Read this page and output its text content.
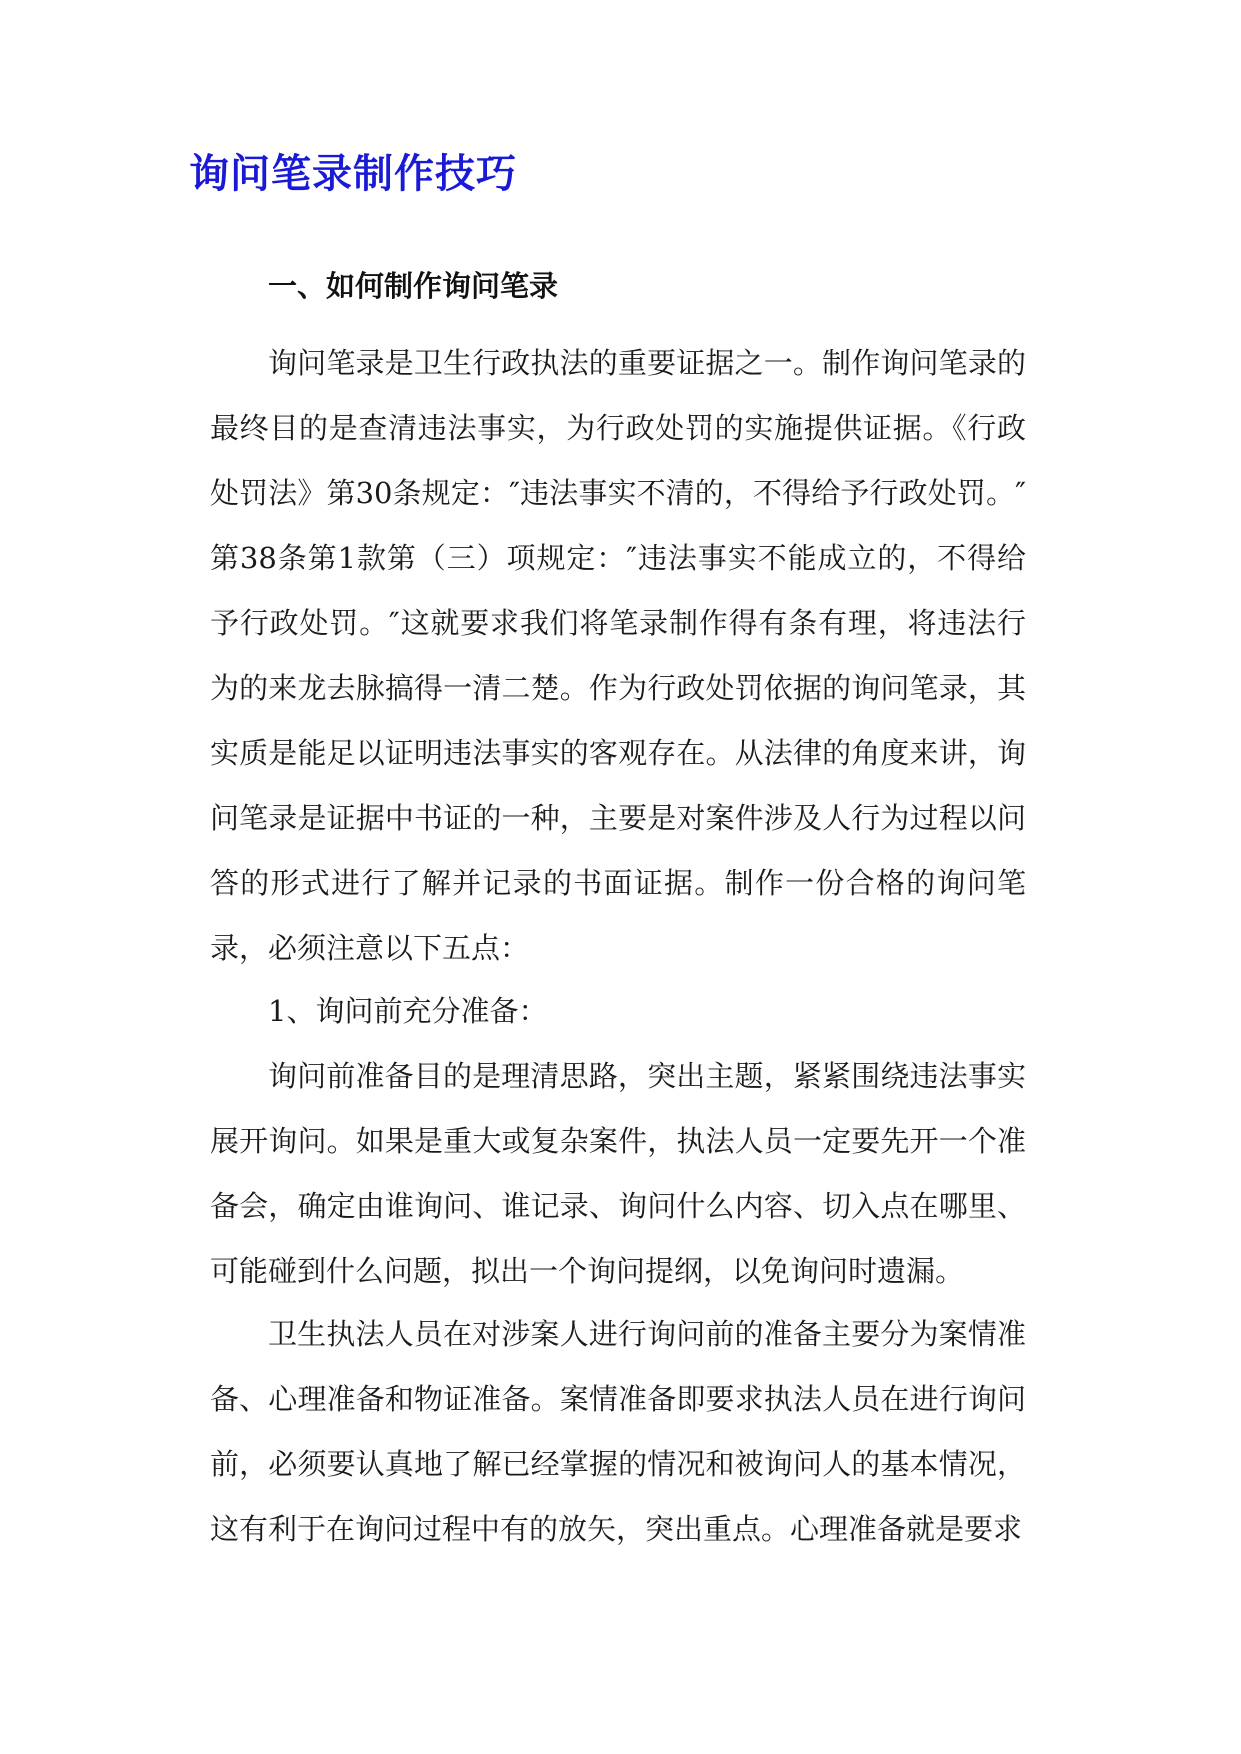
询问笔录制作技巧
一、如何制作询问笔录

询问笔录是卫生行政执法的重要证据之一。制作询问笔录的最终目的是查清违法事实，为行政处罚的实施提供证据。《行政处罚法》第30条规定：″违法事实不清的，不得给予行政处罚。″第38条第1款第（三）项规定：″违法事实不能成立的，不得给予行政处罚。″这就要求我们将笔录制作得有条有理，将违法行为的来龙去脉搞得一清二楚。作为行政处罚依据的询问笔录，其实质是能足以证明违法事实的客观存在。从法律的角度来讲，询问笔录是证据中书证的一种，主要是对案件涉及人行为过程以问答的形式进行了解并记录的书面证据。制作一份合格的询问笔录，必须注意以下五点：

1、询问前充分准备：

询问前准备目的是理清思路，突出主题，紧紧围绕违法事实展开询问。如果是重大或复杂案件，执法人员一定要先开一个准备会，确定由谁询问、谁记录、询问什么内容、切入点在哪里、可能碰到什么问题，拟出一个询问提纲，以免询问时遗漏。

卫生执法人员在对涉案人进行询问前的准备主要分为案情准备、心理准备和物证准备。案情准备即要求执法人员在进行询问前，必须要认真地了解已经掌握的情况和被询问人的基本情况，这有利于在询问过程中有的放矢，突出重点。心理准备就是要求
